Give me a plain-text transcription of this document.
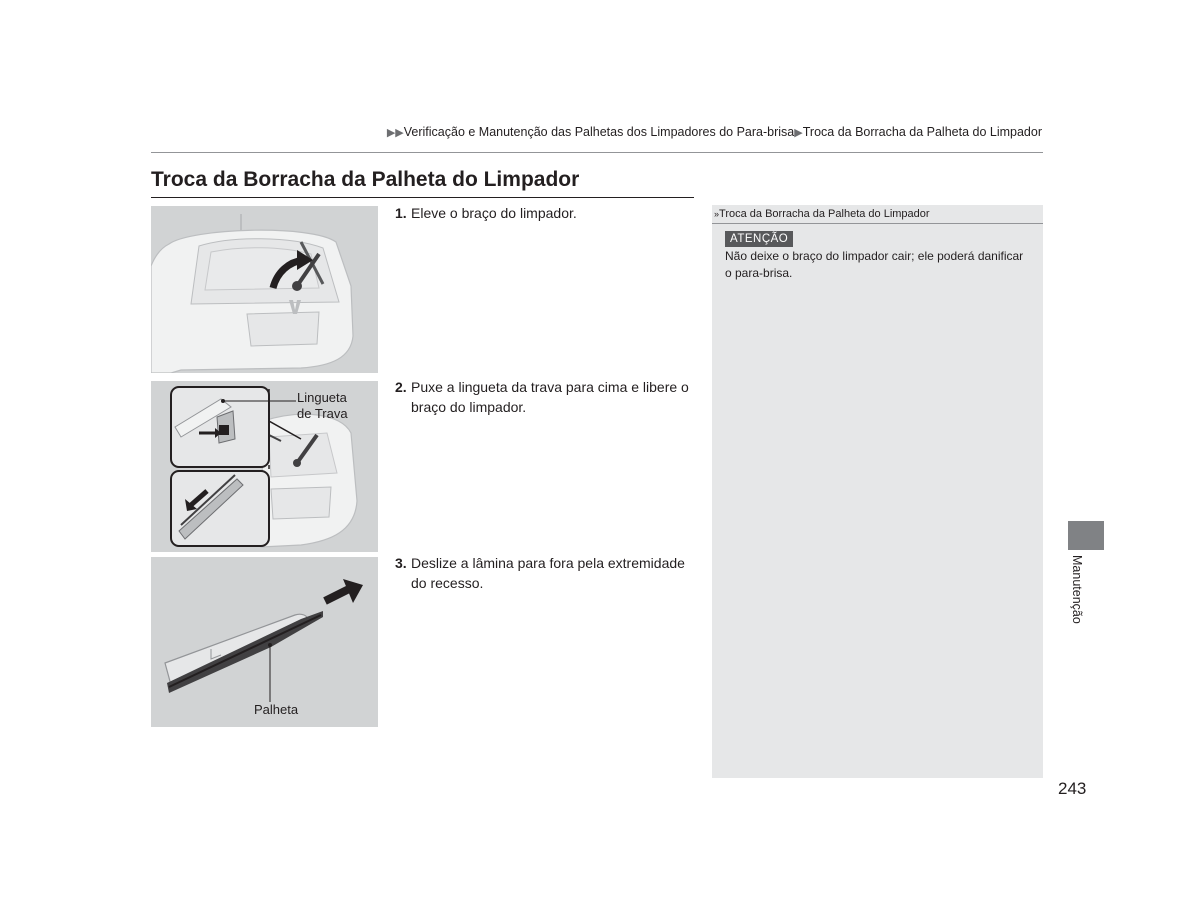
▶▶Verificação e Manutenção das Palhetas dos Limpadores do Para-brisa▶Troca da Borracha da Palheta do Limpador
Troca da Borracha da Palheta do Limpador
Lingueta
de Trava
Palheta
1. Eleve o braço do limpador.
2. Puxe a lingueta da trava para cima e libere o braço do limpador.
3. Deslize a lâmina para fora pela extremidade do recesso.
»Troca da Borracha da Palheta do Limpador
ATENÇÃO
Não deixe o braço do limpador cair; ele poderá danificar o para-brisa.
Manutenção
243
